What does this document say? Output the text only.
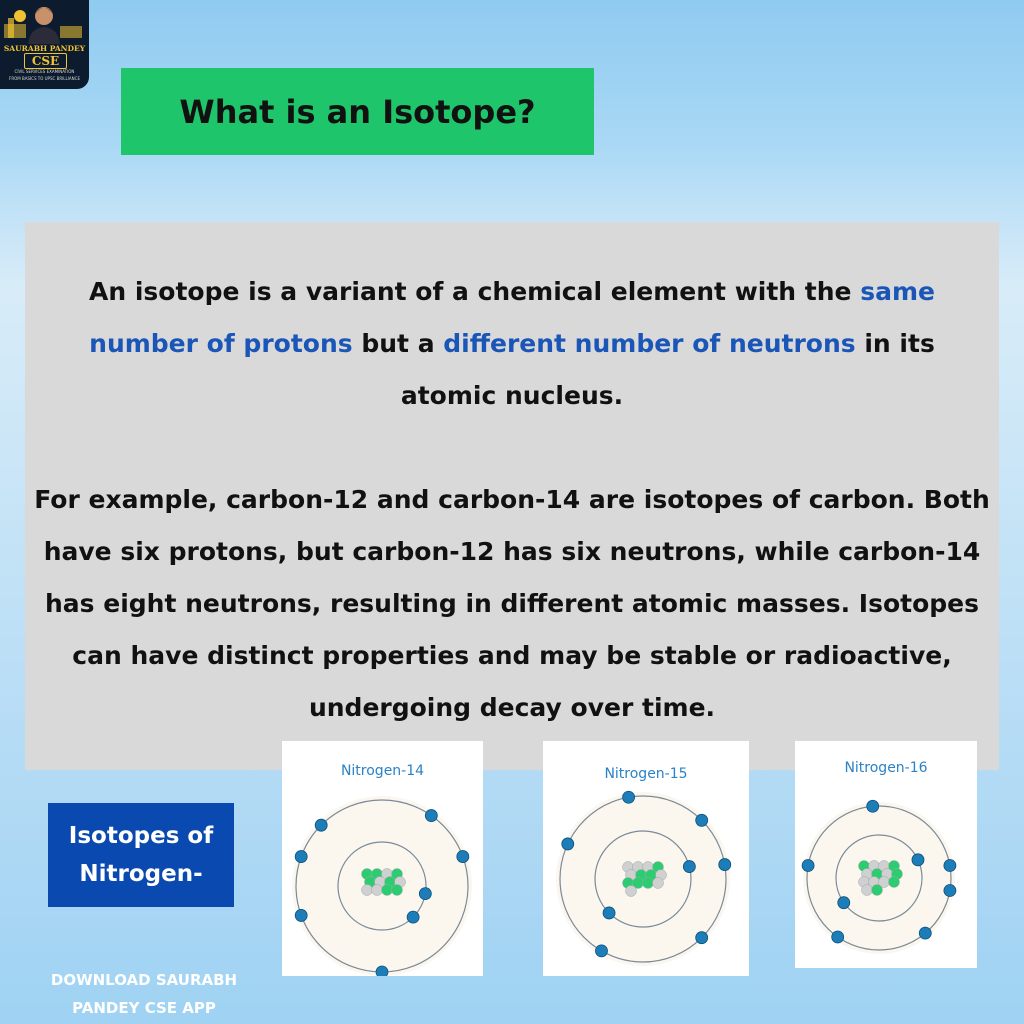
SAURABH PANDEY
CSE
CIVIL SERVICES EXAMINATION
FROM BASICS TO UPSC BRILLIANCE
What is an Isotope?
An isotope is a variant of a chemical element with the same number of protons but a different number of neutrons in its atomic nucleus.
For example, carbon-12 and carbon-14 are isotopes of carbon. Both have six protons, but carbon-12 has six neutrons, while carbon-14 has eight neutrons, resulting in different atomic masses. Isotopes can have distinct properties and may be stable or radioactive, undergoing decay over time.
Isotopes of
Nitrogen-
Nitrogen-14	Nitrogen-15	Nitrogen-16
DOWNLOAD SAURABH
PANDEY CSE APP
